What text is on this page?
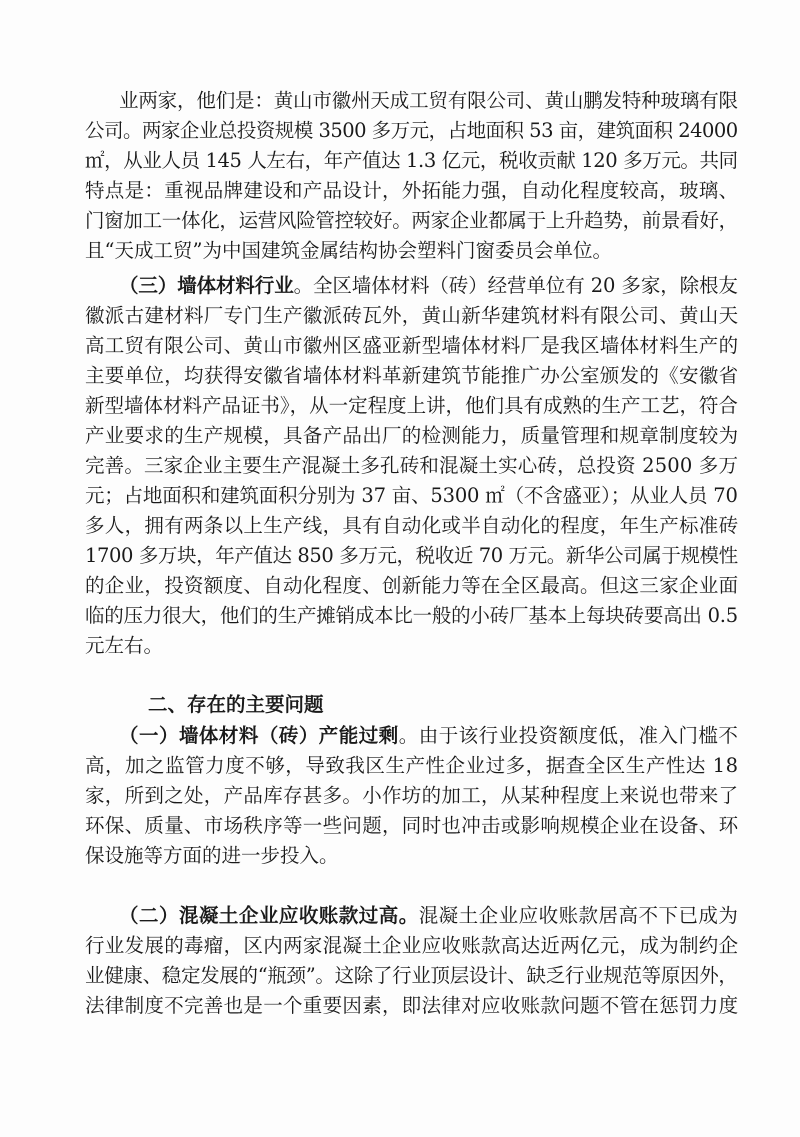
业两家，他们是：黄山市徽州天成工贸有限公司、黄山鹏发特种玻璃有限
公司。两家企业总投资规模 3500 多万元，占地面积 53 亩，建筑面积 24000
㎡，从业人员 145 人左右，年产值达 1.3 亿元，税收贡献 120 多万元。共同
特点是：重视品牌建设和产品设计，外拓能力强，自动化程度较高，玻璃、
门窗加工一体化，运营风险管控较好。两家企业都属于上升趋势，前景看好，
且“天成工贸”为中国建筑金属结构协会塑料门窗委员会单位。
（三）墙体材料行业。全区墙体材料（砖）经营单位有 20 多家，除根友
徽派古建材料厂专门生产徽派砖瓦外，黄山新华建筑材料有限公司、黄山天
高工贸有限公司、黄山市徽州区盛亚新型墙体材料厂是我区墙体材料生产的
主要单位，均获得安徽省墙体材料革新建筑节能推广办公室颁发的《安徽省
新型墙体材料产品证书》，从一定程度上讲，他们具有成熟的生产工艺，符合
产业要求的生产规模，具备产品出厂的检测能力，质量管理和规章制度较为
完善。三家企业主要生产混凝土多孔砖和混凝土实心砖，总投资 2500 多万
元；占地面积和建筑面积分别为 37 亩、5300 ㎡（不含盛亚）；从业人员 70
多人，拥有两条以上生产线，具有自动化或半自动化的程度，年生产标准砖
1700 多万块，年产值达 850 多万元，税收近 70 万元。新华公司属于规模性
的企业，投资额度、自动化程度、创新能力等在全区最高。但这三家企业面
临的压力很大，他们的生产摊销成本比一般的小砖厂基本上每块砖要高出 0.5
元左右。
二、存在的主要问题
（一）墙体材料（砖）产能过剩。由于该行业投资额度低，准入门槛不
高，加之监管力度不够，导致我区生产性企业过多，据查全区生产性达 18
家，所到之处，产品库存甚多。小作坊的加工，从某种程度上来说也带来了
环保、质量、市场秩序等一些问题，同时也冲击或影响规模企业在设备、环
保设施等方面的进一步投入。
（二）混凝土企业应收账款过高。混凝土企业应收账款居高不下已成为
行业发展的毒瘤，区内两家混凝土企业应收账款高达近两亿元，成为制约企
业健康、稳定发展的“瓶颈”。这除了行业顶层设计、缺乏行业规范等原因外，
法律制度不完善也是一个重要因素，即法律对应收账款问题不管在惩罚力度
